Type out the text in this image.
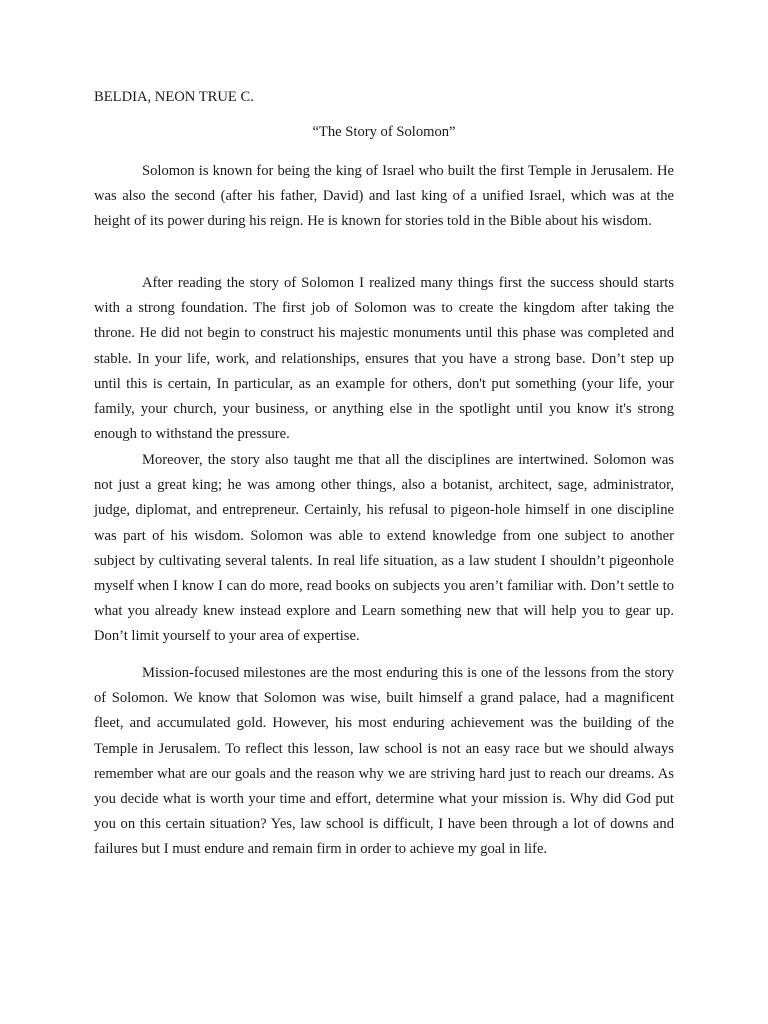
BELDIA, NEON TRUE C.

“The Story of Solomon”

Solomon is known for being the king of Israel who built the first Temple in Jerusalem. He was also the second (after his father, David) and last king of a unified Israel, which was at the height of its power during his reign. He is known for stories told in the Bible about his wisdom.

After reading the story of Solomon I realized many things first the success should starts with a strong foundation. The first job of Solomon was to create the kingdom after taking the throne. He did not begin to construct his majestic monuments until this phase was completed and stable. In your life, work, and relationships, ensures that you have a strong base. Don’t step up until this is certain, In particular, as an example for others, don't put something (your life, your family, your church, your business, or anything else in the spotlight until you know it's strong enough to withstand the pressure.

Moreover, the story also taught me that all the disciplines are intertwined. Solomon was not just a great king; he was among other things, also a botanist, architect, sage, administrator, judge, diplomat, and entrepreneur. Certainly, his refusal to pigeon-hole himself in one discipline was part of his wisdom. Solomon was able to extend knowledge from one subject to another subject by cultivating several talents. In real life situation, as a law student I shouldn’t pigeonhole myself when I know I can do more, read books on subjects you aren’t familiar with. Don’t settle to what you already knew instead explore and Learn something new that will help you to gear up. Don’t limit yourself to your area of expertise.

Mission-focused milestones are the most enduring this is one of the lessons from the story of Solomon. We know that Solomon was wise, built himself a grand palace, had a magnificent fleet, and accumulated gold. However, his most enduring achievement was the building of the Temple in Jerusalem. To reflect this lesson, law school is not an easy race but we should always remember what are our goals and the reason why we are striving hard just to reach our dreams. As you decide what is worth your time and effort, determine what your mission is. Why did God put you on this certain situation? Yes, law school is difficult, I have been through a lot of downs and failures but I must endure and remain firm in order to achieve my goal in life.
